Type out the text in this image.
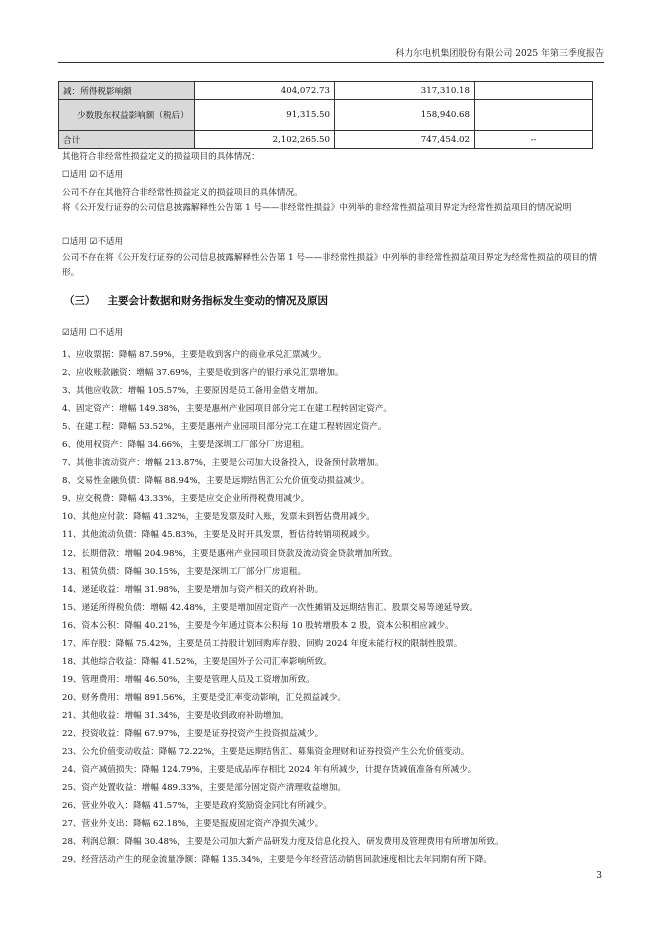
科力尔电机集团股份有限公司 2025 年第三季度报告
减：所得税影响额	404,072.73	317,310.18	
少数股东权益影响额（税后）	91,315.50	158,940.68	
合计	2,102,265.50	747,454.02	--
其他符合非经常性损益定义的损益项目的具体情况：
☐适用 ☑不适用
公司不存在其他符合非经常性损益定义的损益项目的具体情况。
将《公开发行证券的公司信息披露解释性公告第 1 号——非经常性损益》中列举的非经常性损益项目界定为经常性损益项目的情况说明
☐适用 ☑不适用
公司不存在将《公开发行证券的公司信息披露解释性公告第 1 号——非经常性损益》中列举的非经常性损益项目界定为经常性损益的项目的情形。
（三） 主要会计数据和财务指标发生变动的情况及原因
☑适用 ☐不适用
1、应收票据：降幅 87.59%，主要是收到客户的商业承兑汇票减少。
2、应收账款融资：增幅 37.69%，主要是收到客户的银行承兑汇票增加。
3、其他应收款：增幅 105.57%，主要原因是员工备用金借支增加。
4、固定资产：增幅 149.38%，主要是惠州产业园项目部分完工在建工程转固定资产。
5、在建工程：降幅 53.52%，主要是惠州产业园项目部分完工在建工程转固定资产。
6、使用权资产：降幅 34.66%，主要是深圳工厂部分厂房退租。
7、其他非流动资产：增幅 213.87%，主要是公司加大设备投入，设备预付款增加。
8、交易性金融负债：降幅 88.94%，主要是远期结售汇公允价值变动损益减少。
9、应交税费：降幅 43.33%，主要是应交企业所得税费用减少。
10、其他应付款：降幅 41.32%，主要是发票及时入账，发票未到暂估费用减少。
11、其他流动负债：降幅 45.83%，主要是及时开具发票，暂估待转销项税减少。
12、长期借款：增幅 204.98%，主要是惠州产业园项目贷款及流动资金贷款增加所致。
13、租赁负债：降幅 30.15%，主要是深圳工厂部分厂房退租。
14、递延收益：增幅 31.98%，主要是增加与资产相关的政府补助。
15、递延所得税负债：增幅 42.48%，主要是增加固定资产一次性摊销及远期结售汇、股票交易等递延导致。
16、资本公积：降幅 40.21%，主要是今年通过资本公积每 10 股转增股本 2 股，资本公积相应减少。
17、库存股：降幅 75.42%，主要是员工持股计划回购库存股、回购 2024 年度未能行权的限制性股票。
18、其他综合收益：降幅 41.52%，主要是国外子公司汇率影响所致。
19、管理费用：增幅 46.50%，主要是管理人员及工资增加所致。
20、财务费用：增幅 891.56%，主要是受汇率变动影响，汇兑损益减少。
21、其他收益：增幅 31.34%，主要是收到政府补助增加。
22、投资收益：降幅 67.97%，主要是证券投资产生投资损益减少。
23、公允价值变动收益：降幅 72.22%，主要是远期结售汇、募集资金理财和证券投资产生公允价值变动。
24、资产减值损失：降幅 124.79%，主要是成品库存相比 2024 年有所减少，计提存货减值准备有所减少。
25、资产处置收益：增幅 489.33%，主要是部分固定资产清理收益增加。
26、营业外收入：降幅 41.57%，主要是政府奖励资金同比有所减少。
27、营业外支出：降幅 62.18%，主要是报废固定资产净损失减少。
28、利润总额：降幅 30.48%，主要是公司加大新产品研发力度及信息化投入，研发费用及管理费用有所增加所致。
29、经营活动产生的现金流量净额：降幅 135.34%，主要是今年经营活动销售回款速度相比去年同期有所下降。
3
